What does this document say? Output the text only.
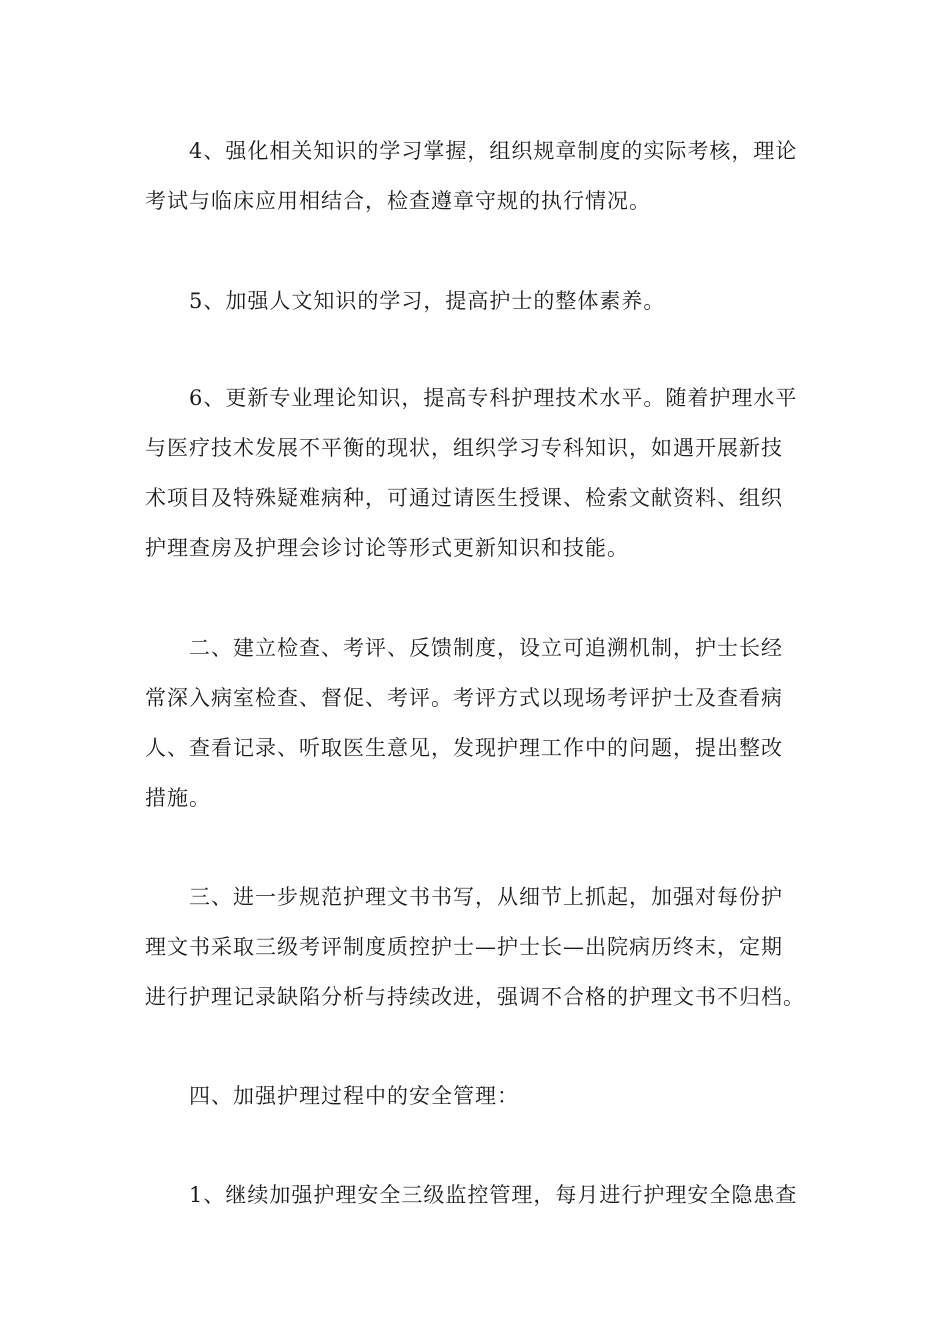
4、强化相关知识的学习掌握，组织规章制度的实际考核，理论
考试与临床应用相结合，检查遵章守规的执行情况。
5、加强人文知识的学习，提高护士的整体素养。
6、更新专业理论知识，提高专科护理技术水平。随着护理水平
与医疗技术发展不平衡的现状，组织学习专科知识，如遇开展新技
术项目及特殊疑难病种，可通过请医生授课、检索文献资料、组织
护理查房及护理会诊讨论等形式更新知识和技能。
二、建立检查、考评、反馈制度，设立可追溯机制，护士长经
常深入病室检查、督促、考评。考评方式以现场考评护士及查看病
人、查看记录、听取医生意见，发现护理工作中的问题，提出整改
措施。
三、进一步规范护理文书书写，从细节上抓起，加强对每份护
理文书采取三级考评制度质控护士—护士长—出院病历终末，定期
进行护理记录缺陷分析与持续改进，强调不合格的护理文书不归档。
四、加强护理过程中的安全管理：
1、继续加强护理安全三级监控管理，每月进行护理安全隐患查
